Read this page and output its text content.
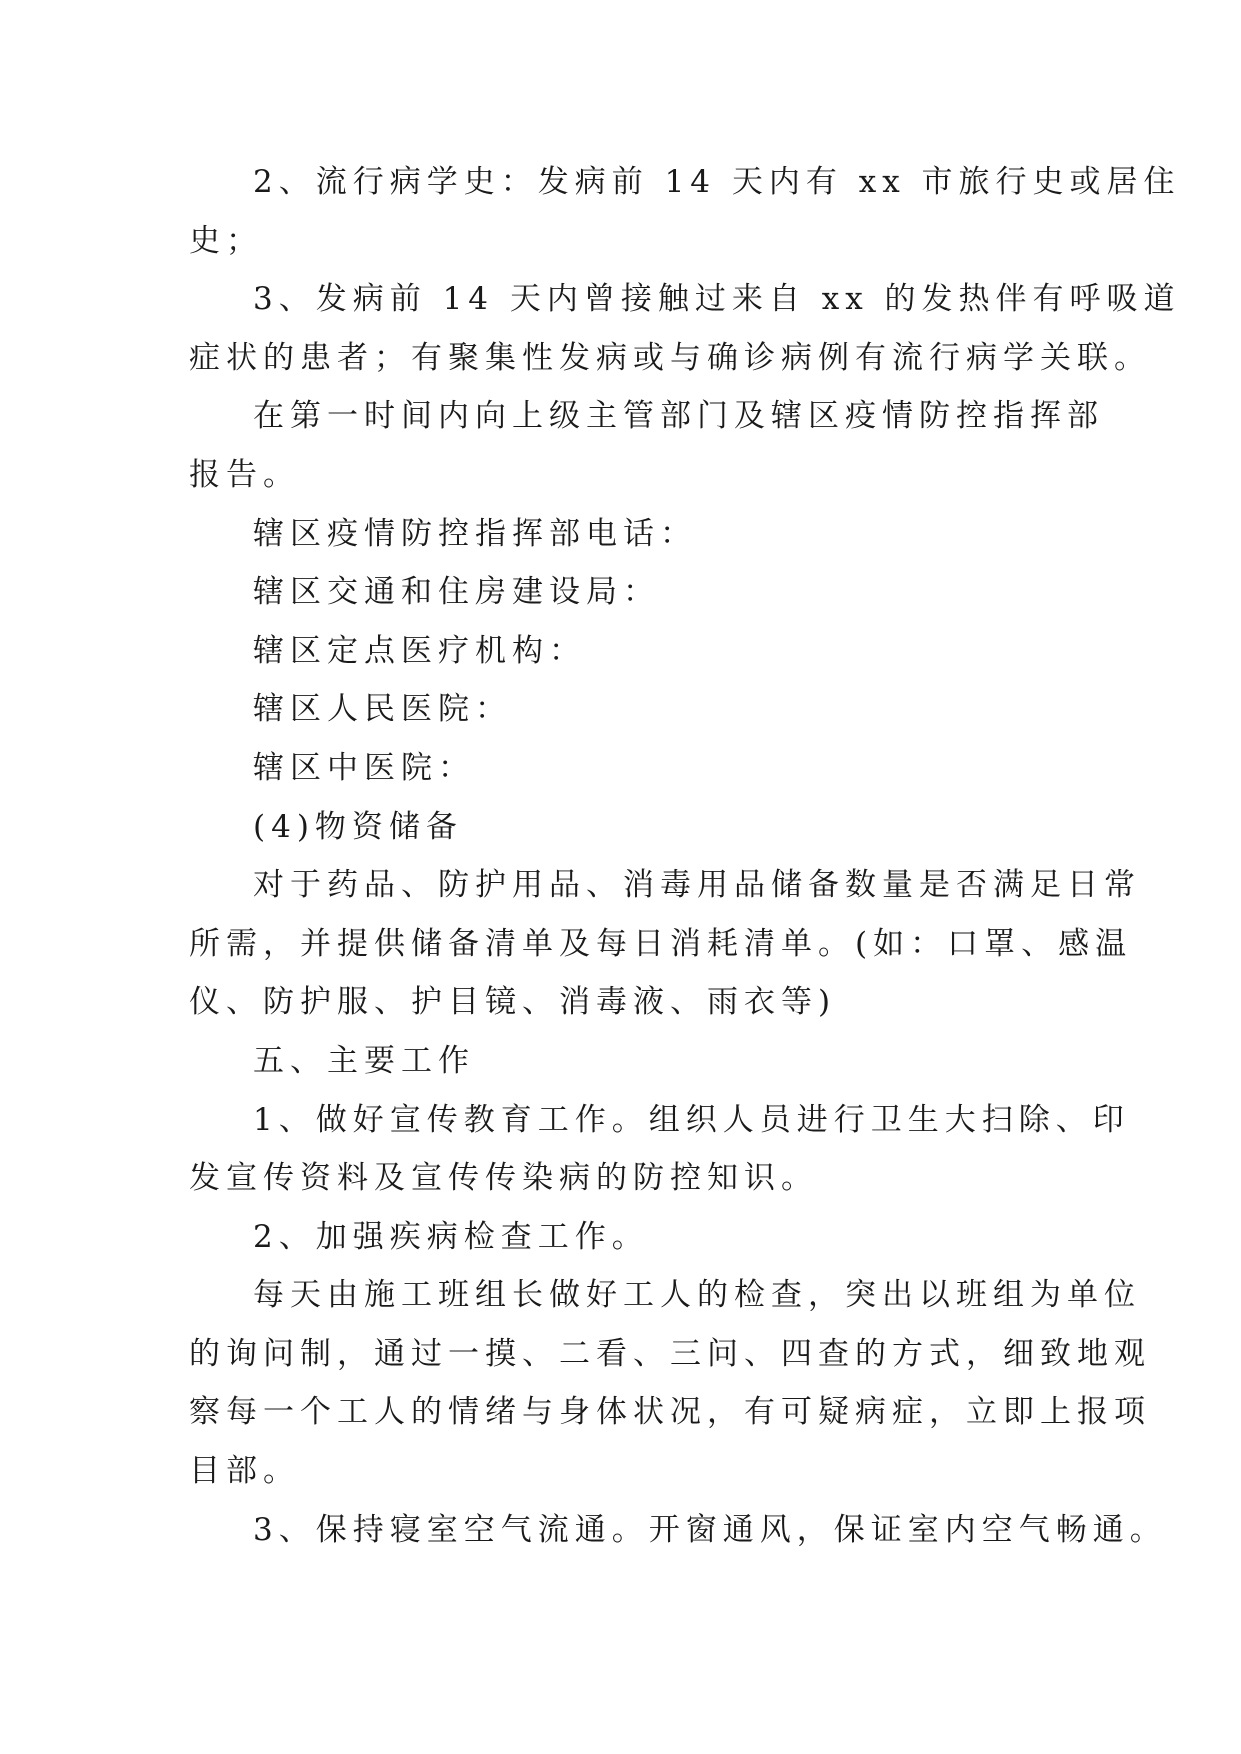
2、流行病学史：发病前 14 天内有 xx 市旅行史或居住
史；
3、发病前 14 天内曾接触过来自 xx 的发热伴有呼吸道
症状的患者；有聚集性发病或与确诊病例有流行病学关联。
在第一时间内向上级主管部门及辖区疫情防控指挥部
报告。
辖区疫情防控指挥部电话：
辖区交通和住房建设局：
辖区定点医疗机构：
辖区人民医院：
辖区中医院：
(4)物资储备
对于药品、防护用品、消毒用品储备数量是否满足日常
所需，并提供储备清单及每日消耗清单。(如：口罩、感温
仪、防护服、护目镜、消毒液、雨衣等)
五、主要工作
1、做好宣传教育工作。组织人员进行卫生大扫除、印
发宣传资料及宣传传染病的防控知识。
2、加强疾病检查工作。
每天由施工班组长做好工人的检查，突出以班组为单位
的询问制，通过一摸、二看、三问、四查的方式，细致地观
察每一个工人的情绪与身体状况，有可疑病症，立即上报项
目部。
3、保持寝室空气流通。开窗通风，保证室内空气畅通。
